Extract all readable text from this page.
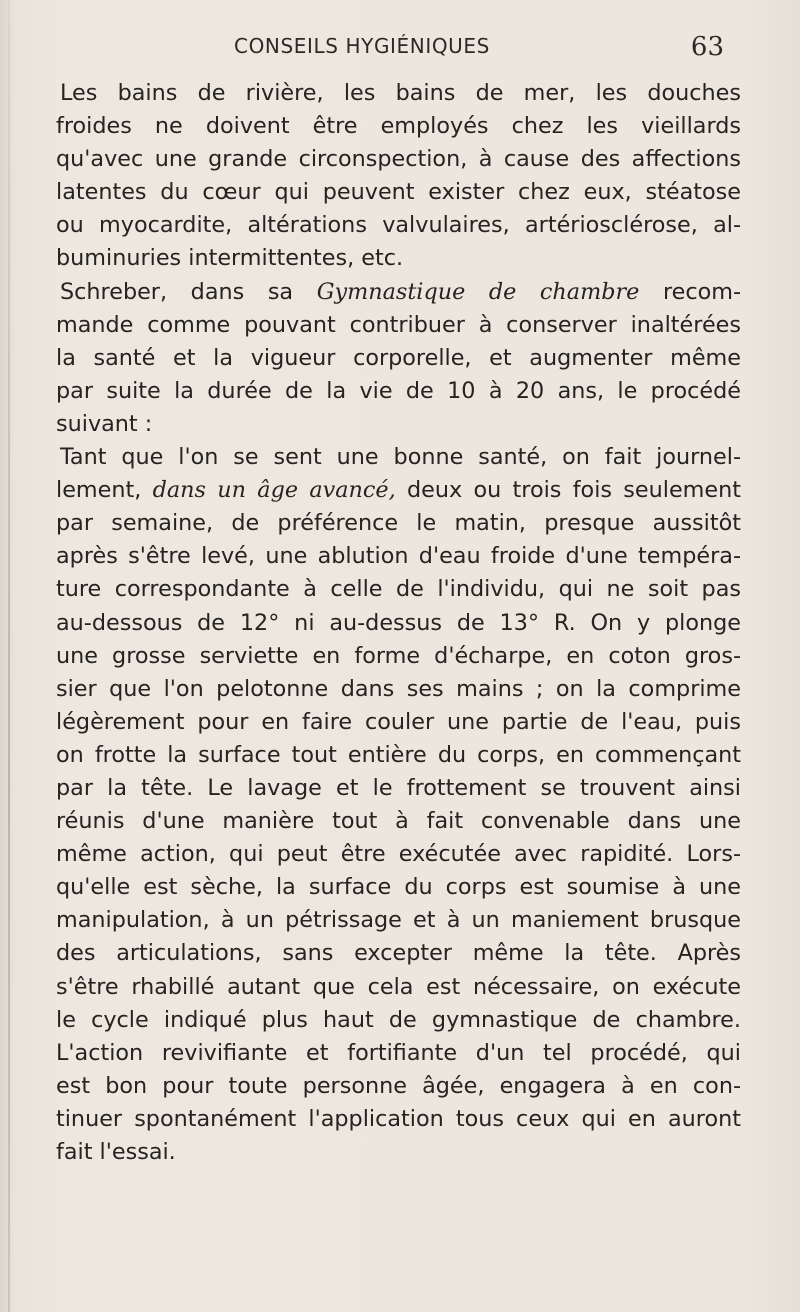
CONSEILS HYGIÉNIQUES	63
Les bains de rivière, les bains de mer, les douches
froides ne doivent être employés chez les vieillards
qu'avec une grande circonspection, à cause des affections
latentes du cœur qui peuvent exister chez eux, stéatose
ou myocardite, altérations valvulaires, artériosclérose, al-
buminuries intermittentes, etc.
Schreber, dans sa Gymnastique de chambre recom-
mande comme pouvant contribuer à conserver inaltérées
la santé et la vigueur corporelle, et augmenter même
par suite la durée de la vie de 10 à 20 ans, le procédé
suivant :
Tant que l'on se sent une bonne santé, on fait journel-
lement, dans un âge avancé, deux ou trois fois seulement
par semaine, de préférence le matin, presque aussitôt
après s'être levé, une ablution d'eau froide d'une tempéra-
ture correspondante à celle de l'individu, qui ne soit pas
au-dessous de 12° ni au-dessus de 13° R. On y plonge
une grosse serviette en forme d'écharpe, en coton gros-
sier que l'on pelotonne dans ses mains ; on la comprime
légèrement pour en faire couler une partie de l'eau, puis
on frotte la surface tout entière du corps, en commençant
par la tête. Le lavage et le frottement se trouvent ainsi
réunis d'une manière tout à fait convenable dans une
même action, qui peut être exécutée avec rapidité. Lors-
qu'elle est sèche, la surface du corps est soumise à une
manipulation, à un pétrissage et à un maniement brusque
des articulations, sans excepter même la tête. Après
s'être rhabillé autant que cela est nécessaire, on exécute
le cycle indiqué plus haut de gymnastique de chambre.
L'action revivifiante et fortifiante d'un tel procédé, qui
est bon pour toute personne âgée, engagera à en con-
tinuer spontanément l'application tous ceux qui en auront
fait l'essai.
